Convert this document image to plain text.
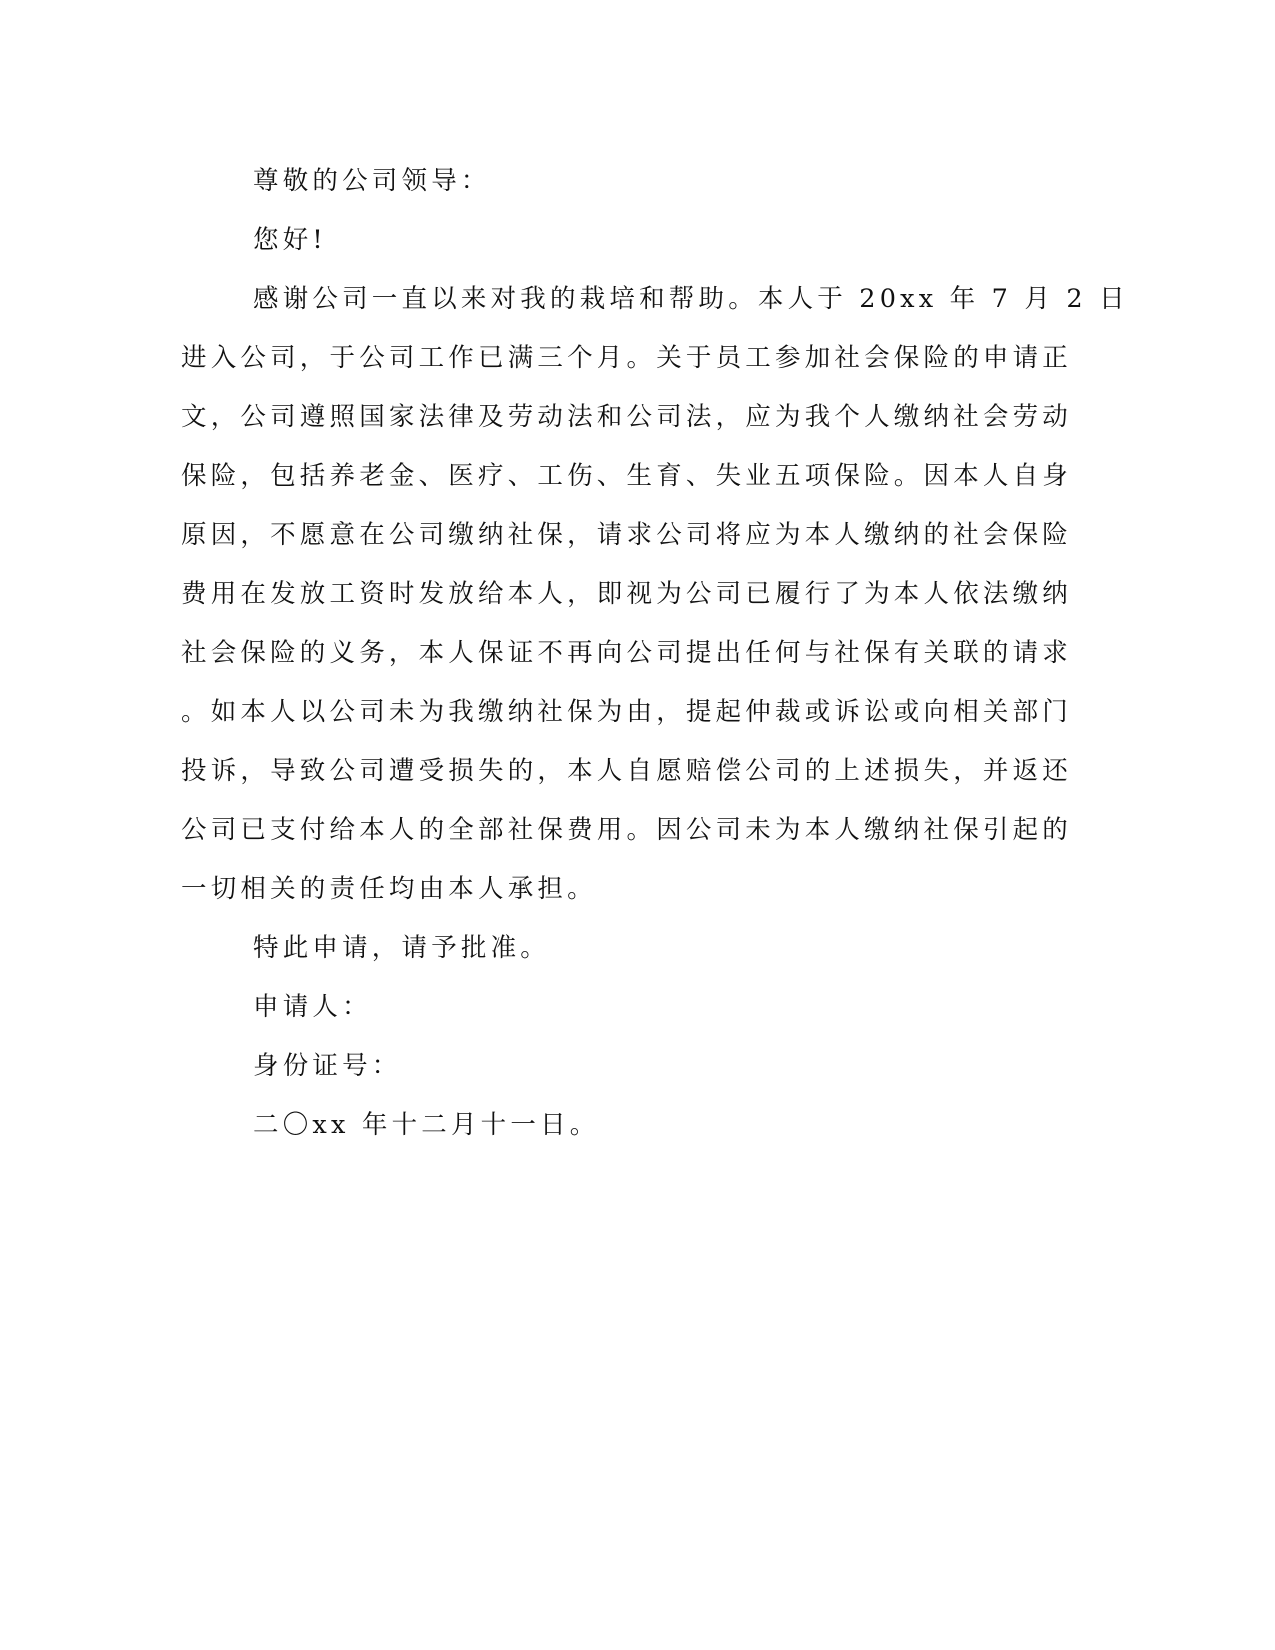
尊敬的公司领导：
您好!
感谢公司一直以来对我的栽培和帮助。本人于 20xx 年 7 月 2 日
进入公司，于公司工作已满三个月。关于员工参加社会保险的申请正
文，公司遵照国家法律及劳动法和公司法，应为我个人缴纳社会劳动
保险，包括养老金、医疗、工伤、生育、失业五项保险。因本人自身
原因，不愿意在公司缴纳社保，请求公司将应为本人缴纳的社会保险
费用在发放工资时发放给本人，即视为公司已履行了为本人依法缴纳
社会保险的义务，本人保证不再向公司提出任何与社保有关联的请求
。如本人以公司未为我缴纳社保为由，提起仲裁或诉讼或向相关部门
投诉，导致公司遭受损失的，本人自愿赔偿公司的上述损失，并返还
公司已支付给本人的全部社保费用。因公司未为本人缴纳社保引起的
一切相关的责任均由本人承担。
特此申请，请予批准。
申请人：
身份证号：
二〇xx 年十二月十一日。
